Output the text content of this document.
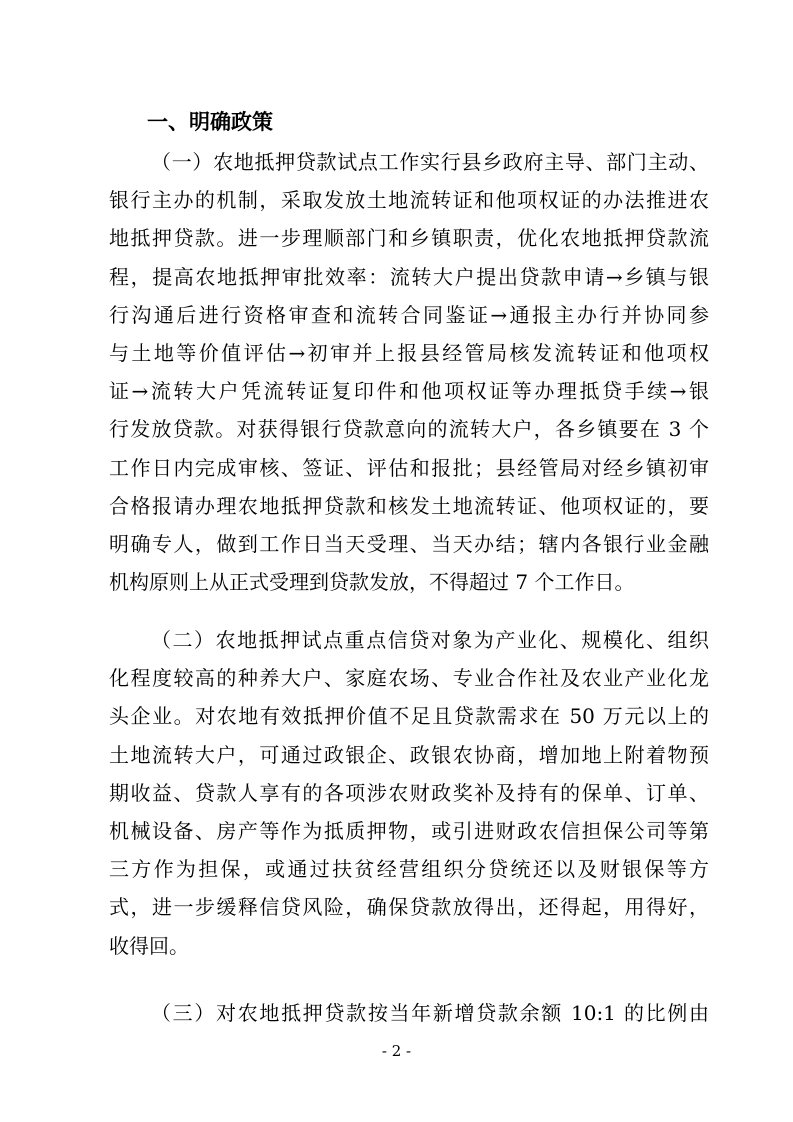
一、明确政策
（一）农地抵押贷款试点工作实行县乡政府主导、部门主动、
银行主办的机制，采取发放土地流转证和他项权证的办法推进农
地抵押贷款。进一步理顺部门和乡镇职责，优化农地抵押贷款流
程，提高农地抵押审批效率：流转大户提出贷款申请→乡镇与银
行沟通后进行资格审查和流转合同鉴证→通报主办行并协同参
与土地等价值评估→初审并上报县经管局核发流转证和他项权
证→流转大户凭流转证复印件和他项权证等办理抵贷手续→银
行发放贷款。对获得银行贷款意向的流转大户，各乡镇要在 3 个
工作日内完成审核、签证、评估和报批；县经管局对经乡镇初审
合格报请办理农地抵押贷款和核发土地流转证、他项权证的，要
明确专人，做到工作日当天受理、当天办结；辖内各银行业金融
机构原则上从正式受理到贷款发放，不得超过 7 个工作日。
（二）农地抵押试点重点信贷对象为产业化、规模化、组织
化程度较高的种养大户、家庭农场、专业合作社及农业产业化龙
头企业。对农地有效抵押价值不足且贷款需求在 50 万元以上的
土地流转大户，可通过政银企、政银农协商，增加地上附着物预
期收益、贷款人享有的各项涉农财政奖补及持有的保单、订单、
机械设备、房产等作为抵质押物，或引进财政农信担保公司等第
三方作为担保，或通过扶贫经营组织分贷统还以及财银保等方
式，进一步缓释信贷风险，确保贷款放得出，还得起，用得好，
收得回。
（三）对农地抵押贷款按当年新增贷款余额 10:1 的比例由
- 2 -
